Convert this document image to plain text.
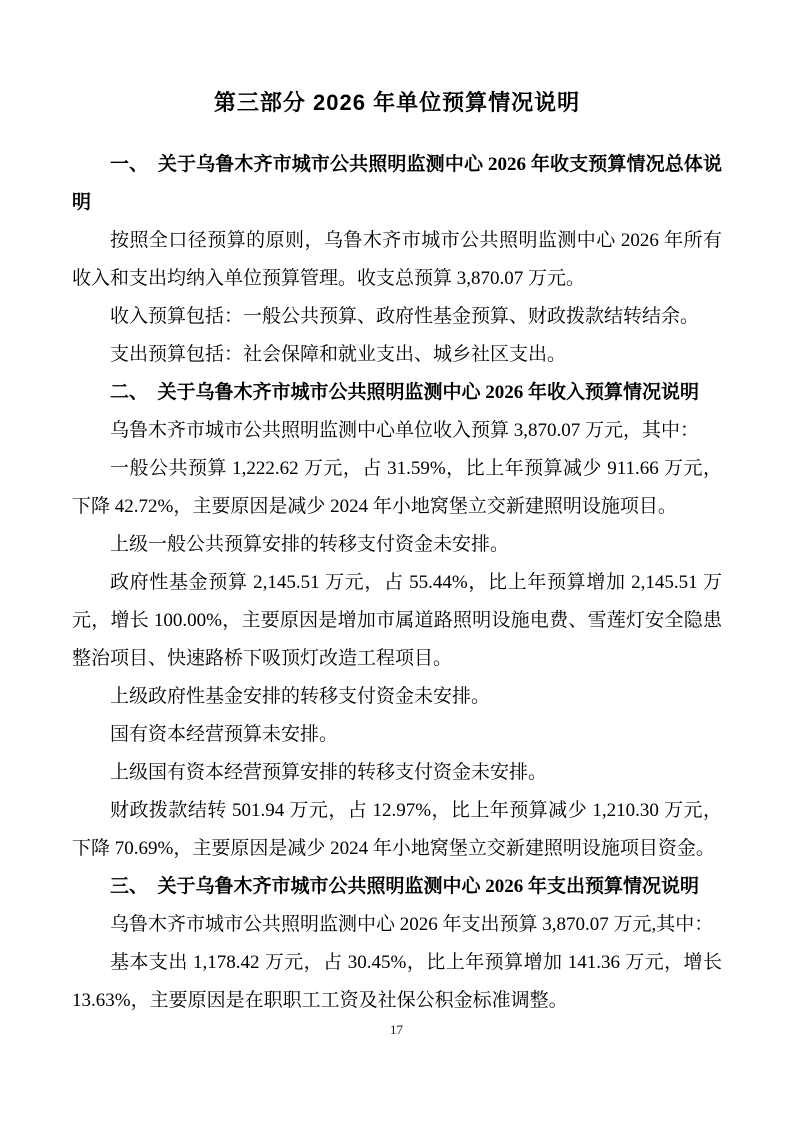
第三部分 2026 年单位预算情况说明

一、　关于乌鲁木齐市城市公共照明监测中心 2026 年收支预算情况总体说明

按照全口径预算的原则，乌鲁木齐市城市公共照明监测中心 2026 年所有收入和支出均纳入单位预算管理。收支总预算 3,870.07 万元。

收入预算包括：一般公共预算、政府性基金预算、财政拨款结转结余。

支出预算包括：社会保障和就业支出、城乡社区支出。

二、　关于乌鲁木齐市城市公共照明监测中心 2026 年收入预算情况说明

乌鲁木齐市城市公共照明监测中心单位收入预算 3,870.07 万元，其中：

一般公共预算 1,222.62 万元，占 31.59%，比上年预算减少 911.66 万元，下降 42.72%，主要原因是减少 2024 年小地窝堡立交新建照明设施项目。

上级一般公共预算安排的转移支付资金未安排。

政府性基金预算 2,145.51 万元，占 55.44%，比上年预算增加 2,145.51 万元，增长 100.00%，主要原因是增加市属道路照明设施电费、雪莲灯安全隐患整治项目、快速路桥下吸顶灯改造工程项目。

上级政府性基金安排的转移支付资金未安排。

国有资本经营预算未安排。

上级国有资本经营预算安排的转移支付资金未安排。

财政拨款结转 501.94 万元，占 12.97%，比上年预算减少 1,210.30 万元，下降 70.69%，主要原因是减少 2024 年小地窝堡立交新建照明设施项目资金。

三、　关于乌鲁木齐市城市公共照明监测中心 2026 年支出预算情况说明

乌鲁木齐市城市公共照明监测中心 2026 年支出预算 3,870.07 万元,其中：

基本支出 1,178.42 万元，占 30.45%，比上年预算增加 141.36 万元，增长 13.63%，主要原因是在职职工工资及社保公积金标准调整。

17
